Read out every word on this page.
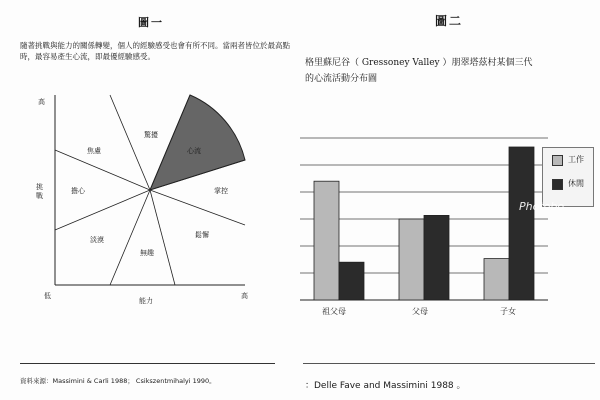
圖一
隨著挑戰與能力的關係轉變，個人的經驗感受也會有所不同。當兩者皆位於最高點時，最容易產生心流，即最優經驗感受。
高
挑戰
低
能力
高
驚擾
心流
掌控
鬆懈
無趣
淡漠
擔心
焦慮
資料來源：Massimini & Carli 1988； Csikszentmihalyi 1990。
圖二
格里蘇尼谷（ Gressoney Valley ）朋翠塔茲村某個三代
的心流活動分布圖
祖父母	父母	子女
工作
休閒
Photobo
：Delle Fave and Massimini 1988 。
